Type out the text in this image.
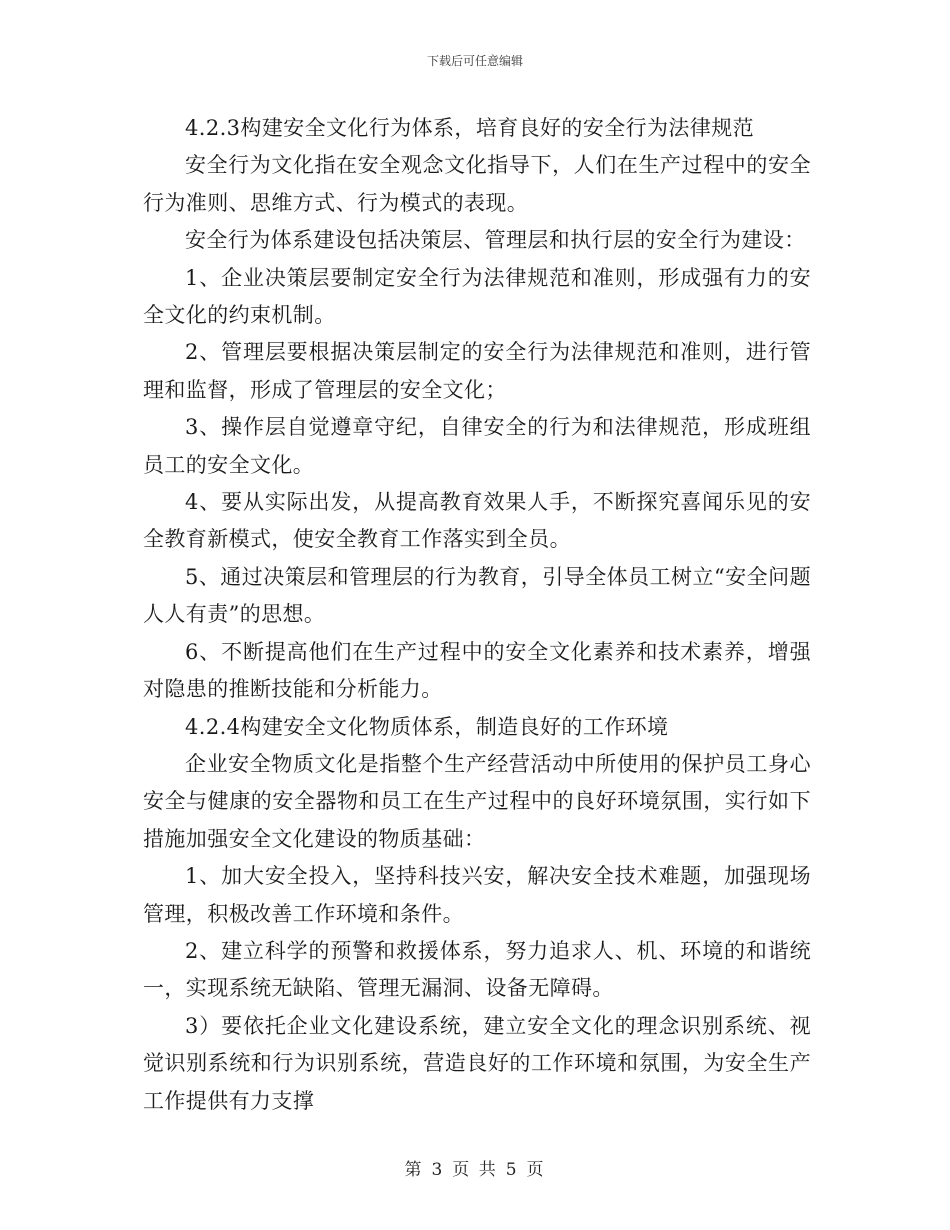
下载后可任意编辑

4.2.3构建安全文化行为体系，培育良好的安全行为法律规范

安全行为文化指在安全观念文化指导下，人们在生产过程中的安全行为准则、思维方式、行为模式的表现。

安全行为体系建设包括决策层、管理层和执行层的安全行为建设：

1、企业决策层要制定安全行为法律规范和准则，形成强有力的安全文化的约束机制。

2、管理层要根据决策层制定的安全行为法律规范和准则，进行管理和监督，形成了管理层的安全文化；

3、操作层自觉遵章守纪，自律安全的行为和法律规范，形成班组员工的安全文化。

4、要从实际出发，从提高教育效果人手，不断探究喜闻乐见的安全教育新模式，使安全教育工作落实到全员。

5、通过决策层和管理层的行为教育，引导全体员工树立“安全问题人人有责”的思想。

6、不断提高他们在生产过程中的安全文化素养和技术素养，增强对隐患的推断技能和分析能力。

4.2.4构建安全文化物质体系，制造良好的工作环境

企业安全物质文化是指整个生产经营活动中所使用的保护员工身心安全与健康的安全器物和员工在生产过程中的良好环境氛围，实行如下措施加强安全文化建设的物质基础：

1、加大安全投入，坚持科技兴安，解决安全技术难题，加强现场管理，积极改善工作环境和条件。

2、建立科学的预警和救援体系，努力追求人、机、环境的和谐统一，实现系统无缺陷、管理无漏洞、设备无障碍。

3）要依托企业文化建设系统，建立安全文化的理念识别系统、视觉识别系统和行为识别系统，营造良好的工作环境和氛围，为安全生产工作提供有力支撑

第 3 页 共 5 页
